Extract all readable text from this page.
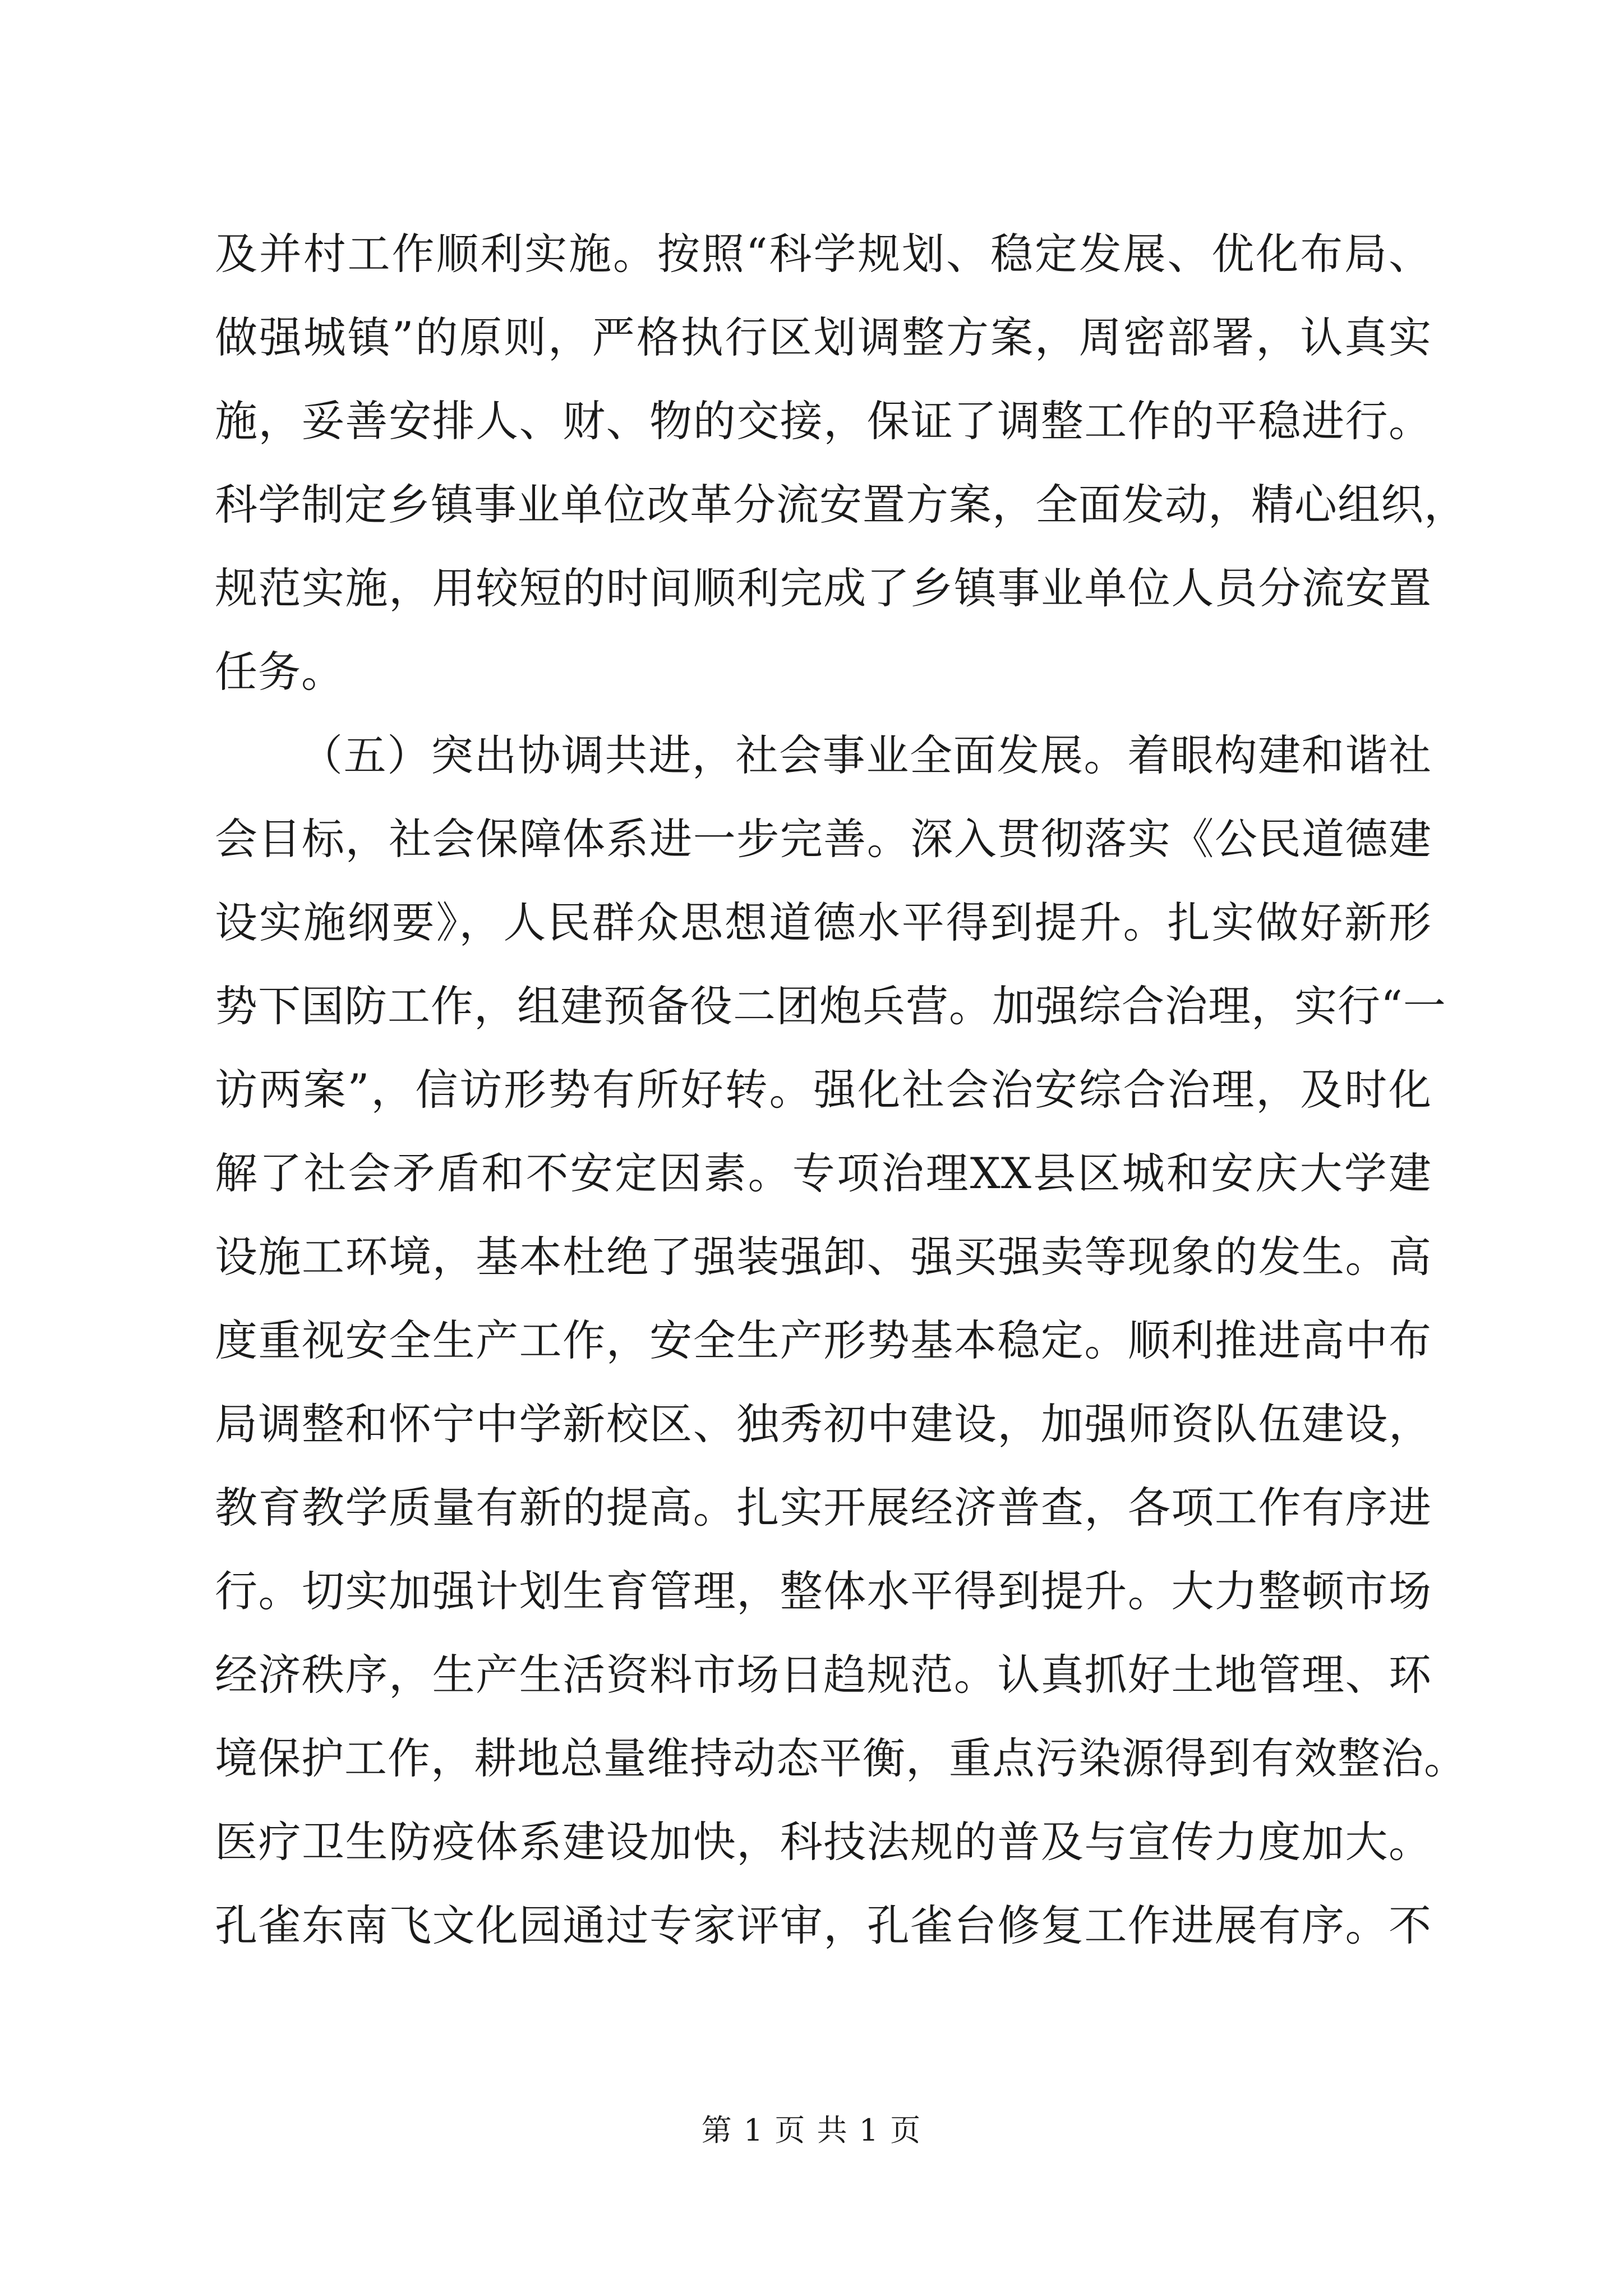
及并村工作顺利实施。按照“科学规划、稳定发展、优化布局、
做强城镇”的原则，严格执行区划调整方案，周密部署，认真实
施，妥善安排人、财、物的交接，保证了调整工作的平稳进行。
科学制定乡镇事业单位改革分流安置方案，全面发动，精心组织，
规范实施，用较短的时间顺利完成了乡镇事业单位人员分流安置
任务。
（五）突出协调共进，社会事业全面发展。着眼构建和谐社
会目标，社会保障体系进一步完善。深入贯彻落实《公民道德建
设实施纲要》，人民群众思想道德水平得到提升。扎实做好新形
势下国防工作，组建预备役二团炮兵营。加强综合治理，实行“一
访两案”，信访形势有所好转。强化社会治安综合治理，及时化
解了社会矛盾和不安定因素。专项治理XX县区城和安庆大学建
设施工环境，基本杜绝了强装强卸、强买强卖等现象的发生。高
度重视安全生产工作，安全生产形势基本稳定。顺利推进高中布
局调整和怀宁中学新校区、独秀初中建设，加强师资队伍建设，
教育教学质量有新的提高。扎实开展经济普查，各项工作有序进
行。切实加强计划生育管理，整体水平得到提升。大力整顿市场
经济秩序，生产生活资料市场日趋规范。认真抓好土地管理、环
境保护工作，耕地总量维持动态平衡，重点污染源得到有效整治。
医疗卫生防疫体系建设加快，科技法规的普及与宣传力度加大。
孔雀东南飞文化园通过专家评审，孔雀台修复工作进展有序。不
第 1 页 共 1 页
